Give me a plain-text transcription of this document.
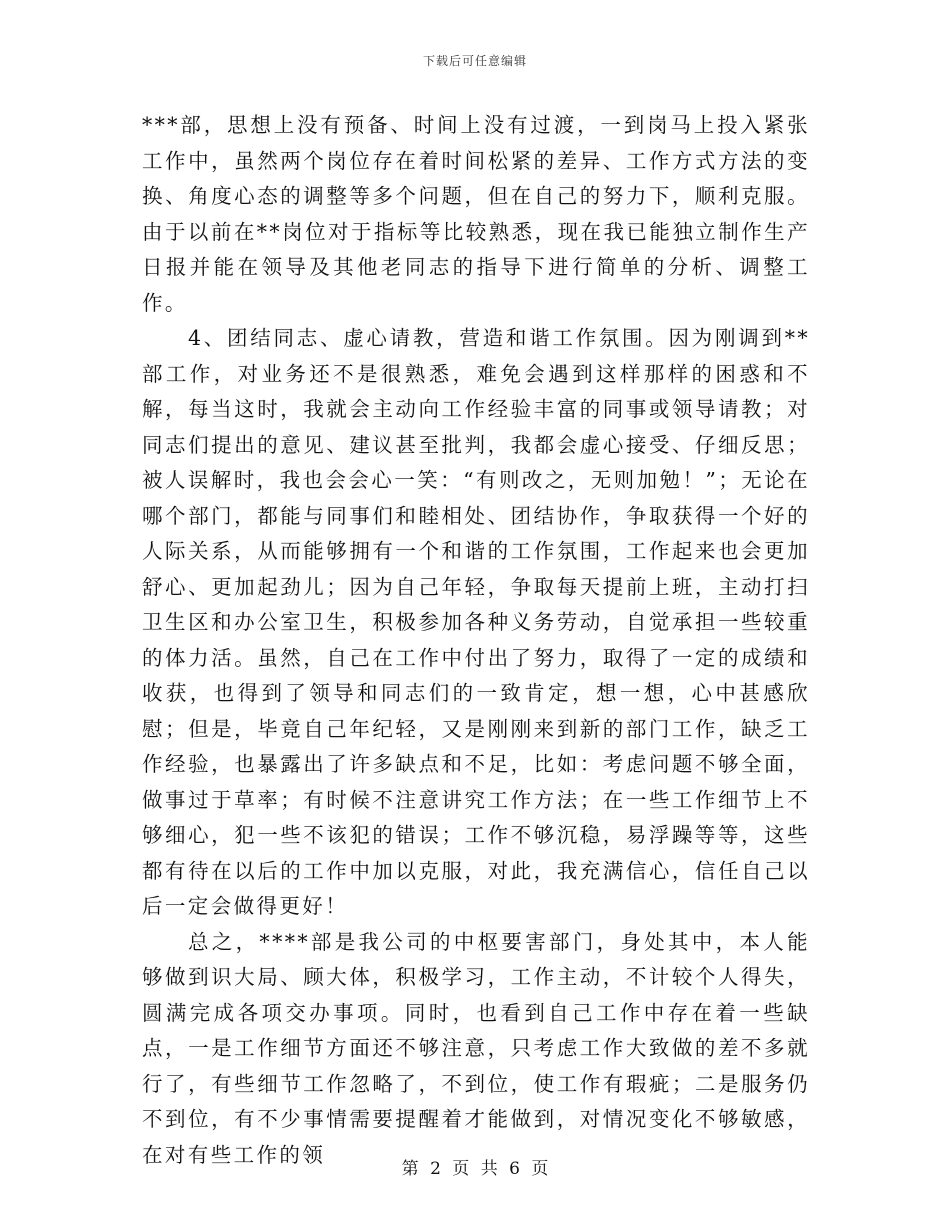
下载后可任意编辑

***部，思想上没有预备、时间上没有过渡，一到岗马上投入紧张工作中，虽然两个岗位存在着时间松紧的差异、工作方式方法的变换、角度心态的调整等多个问题，但在自己的努力下，顺利克服。由于以前在**岗位对于指标等比较熟悉，现在我已能独立制作生产日报并能在领导及其他老同志的指导下进行简单的分析、调整工作。

4、团结同志、虚心请教，营造和谐工作氛围。因为刚调到**部工作，对业务还不是很熟悉，难免会遇到这样那样的困惑和不解，每当这时，我就会主动向工作经验丰富的同事或领导请教；对同志们提出的意见、建议甚至批判，我都会虚心接受、仔细反思；被人误解时，我也会会心一笑：“有则改之，无则加勉！”；无论在哪个部门，都能与同事们和睦相处、团结协作，争取获得一个好的人际关系，从而能够拥有一个和谐的工作氛围，工作起来也会更加舒心、更加起劲儿；因为自己年轻，争取每天提前上班，主动打扫卫生区和办公室卫生，积极参加各种义务劳动，自觉承担一些较重的体力活。虽然，自己在工作中付出了努力，取得了一定的成绩和收获，也得到了领导和同志们的一致肯定，想一想，心中甚感欣慰；但是，毕竟自己年纪轻，又是刚刚来到新的部门工作，缺乏工作经验，也暴露出了许多缺点和不足，比如：考虑问题不够全面，做事过于草率；有时候不注意讲究工作方法；在一些工作细节上不够细心，犯一些不该犯的错误；工作不够沉稳，易浮躁等等，这些都有待在以后的工作中加以克服，对此，我充满信心，信任自己以后一定会做得更好！

总之，****部是我公司的中枢要害部门，身处其中，本人能够做到识大局、顾大体，积极学习，工作主动，不计较个人得失，圆满完成各项交办事项。同时，也看到自己工作中存在着一些缺点，一是工作细节方面还不够注意，只考虑工作大致做的差不多就行了，有些细节工作忽略了，不到位，使工作有瑕疵；二是服务仍不到位，有不少事情需要提醒着才能做到，对情况变化不够敏感，在对有些工作的领

第 2 页 共 6 页
